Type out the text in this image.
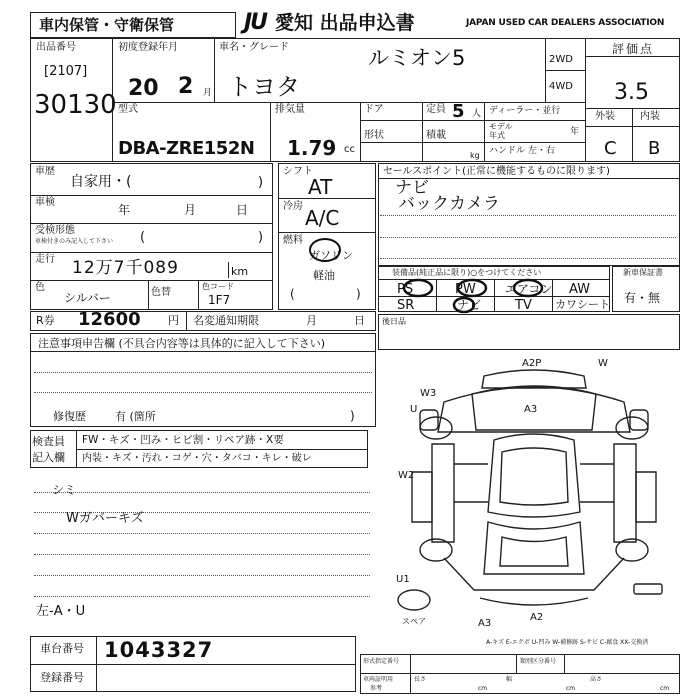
車内保管・守衛保管	JU 愛知 出品申込書	JAPAN USED CAR DEALERS ASSOCIATION
出品番号
[2107]
30130
初度登録年月
20 2 月
車名・グレード
トヨタ
ルミオン5	2WD
4WD
評価点
3.5
外装	内装
C B
型式
DBA-ZRE152N
排気量
1.79 cc
ドア
形状
定員 5 人
積載
kg
ディーラー・並行
モデル
年式	年
ハンドル 左・右
車歴
自家用・(	)
車検
年	月	日
受検形態
車検付きのみ記入して下さい (	)
走行 12万7千089	km
色
シルバー	色替
色コード
1F7
シフト
AT
冷房 A/C
燃料
ガソリン
軽油
(	)
セールスポイント(正常に機能するものに限ります)
ナビ
バックカメラ
装備品(純正品に限り)○をつけてください
PS	PW エアコン AW
SR	ナビ	TV カワシート
新車保証書
有・無
R券 12600 円 名変通知期限	月	日 後日品
注意事項申告欄 (不具合内容等は具体的に記入して下さい)
修復歴	有 (箇所	)
検査員
記入欄
FW・キズ・凹み・ヒビ割・リペア跡・X要
内装・キズ・汚れ・コゲ・穴・タバコ・キレ・破レ
シミ
Wガバーキズ
左-A・U
A2P
W3
U	A3
W2
U1
A3
A2
W
スペア
A-キズ E-エクボ U-凹み W-補修跡 S-サビ C-腐食 XX-交換済
車台番号 1043327
登録番号
形式指定番号	類別区分番号
車両証明用
参考
長さ	幅	高さ
cm	cm	cm
